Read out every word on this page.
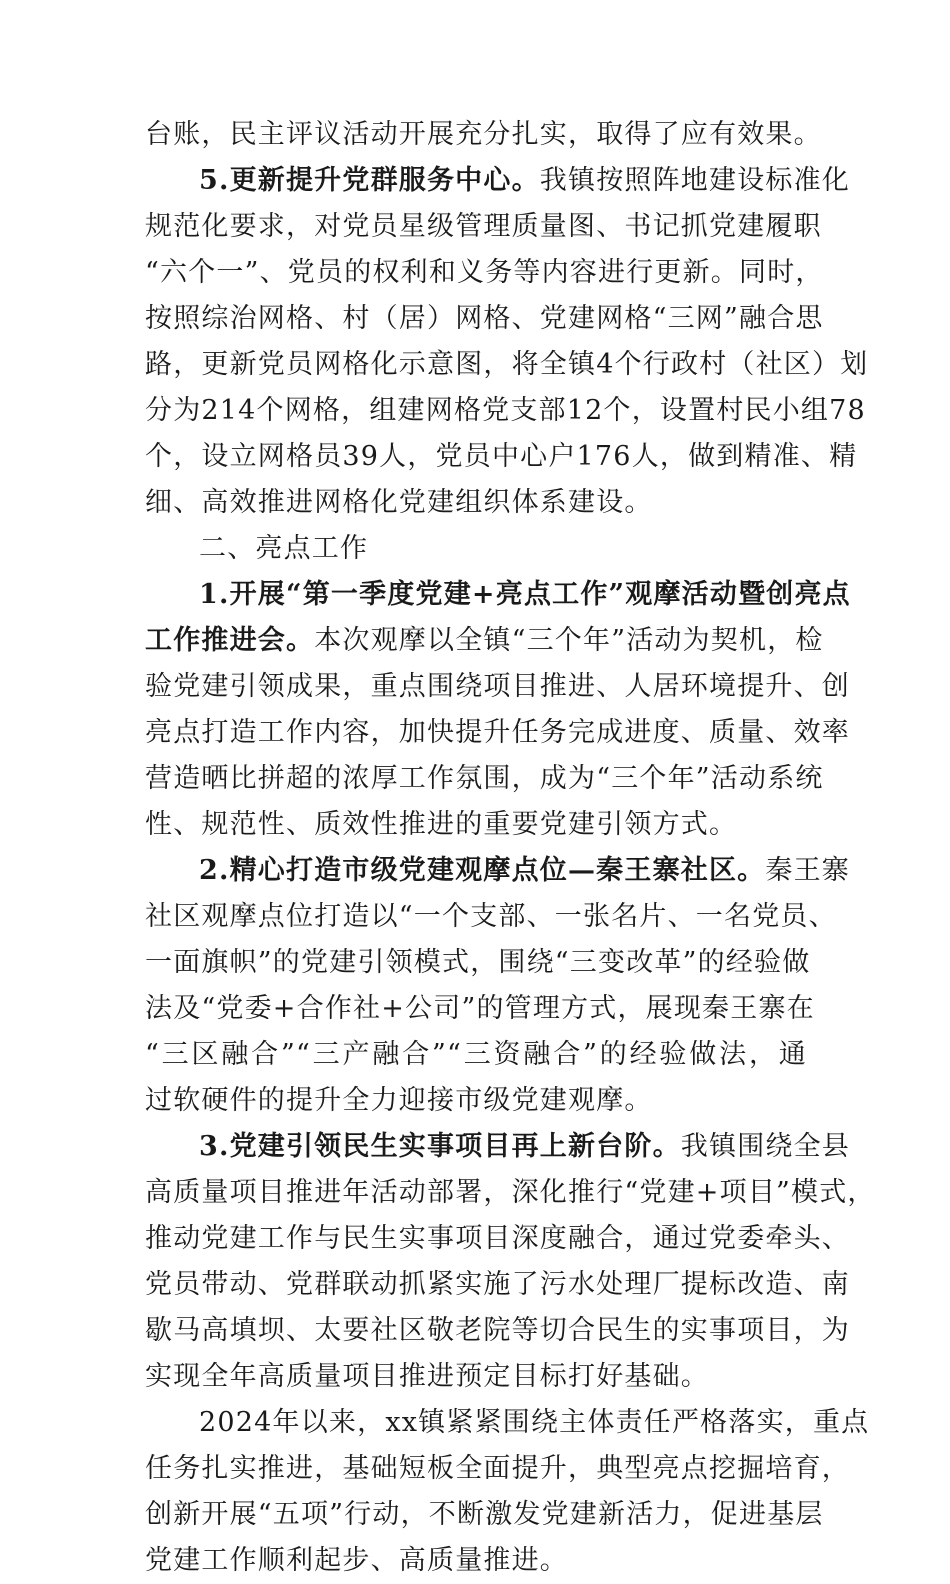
台账，民主评议活动开展充分扎实，取得了应有效果。
5.更新提升党群服务中心。我镇按照阵地建设标准化
规范化要求，对党员星级管理质量图、书记抓党建履职
“六个一”、党员的权利和义务等内容进行更新。同时，
按照综治网格、村（居）网格、党建网格“三网”融合思
路，更新党员网格化示意图，将全镇4个行政村（社区）划
分为214个网格，组建网格党支部12个，设置村民小组78
个，设立网格员39人，党员中心户176人，做到精准、精
细、高效推进网格化党建组织体系建设。
二、亮点工作
1.开展“第一季度党建+亮点工作”观摩活动暨创亮点
工作推进会。本次观摩以全镇“三个年”活动为契机，检
验党建引领成果，重点围绕项目推进、人居环境提升、创
亮点打造工作内容，加快提升任务完成进度、质量、效率
营造晒比拼超的浓厚工作氛围，成为“三个年”活动系统
性、规范性、质效性推进的重要党建引领方式。
2.精心打造市级党建观摩点位—秦王寨社区。秦王寨
社区观摩点位打造以“一个支部、一张名片、一名党员、
一面旗帜”的党建引领模式，围绕“三变改革”的经验做
法及“党委+合作社+公司”的管理方式，展现秦王寨在
“三区融合”“三产融合”“三资融合”的经验做法，通
过软硬件的提升全力迎接市级党建观摩。
3.党建引领民生实事项目再上新台阶。我镇围绕全县
高质量项目推进年活动部署，深化推行“党建+项目”模式，
推动党建工作与民生实事项目深度融合，通过党委牵头、
党员带动、党群联动抓紧实施了污水处理厂提标改造、南
歇马高填坝、太要社区敬老院等切合民生的实事项目，为
实现全年高质量项目推进预定目标打好基础。
2024年以来，xx镇紧紧围绕主体责任严格落实，重点
任务扎实推进，基础短板全面提升，典型亮点挖掘培育，
创新开展“五项”行动，不断激发党建新活力，促进基层
党建工作顺利起步、高质量推进。
